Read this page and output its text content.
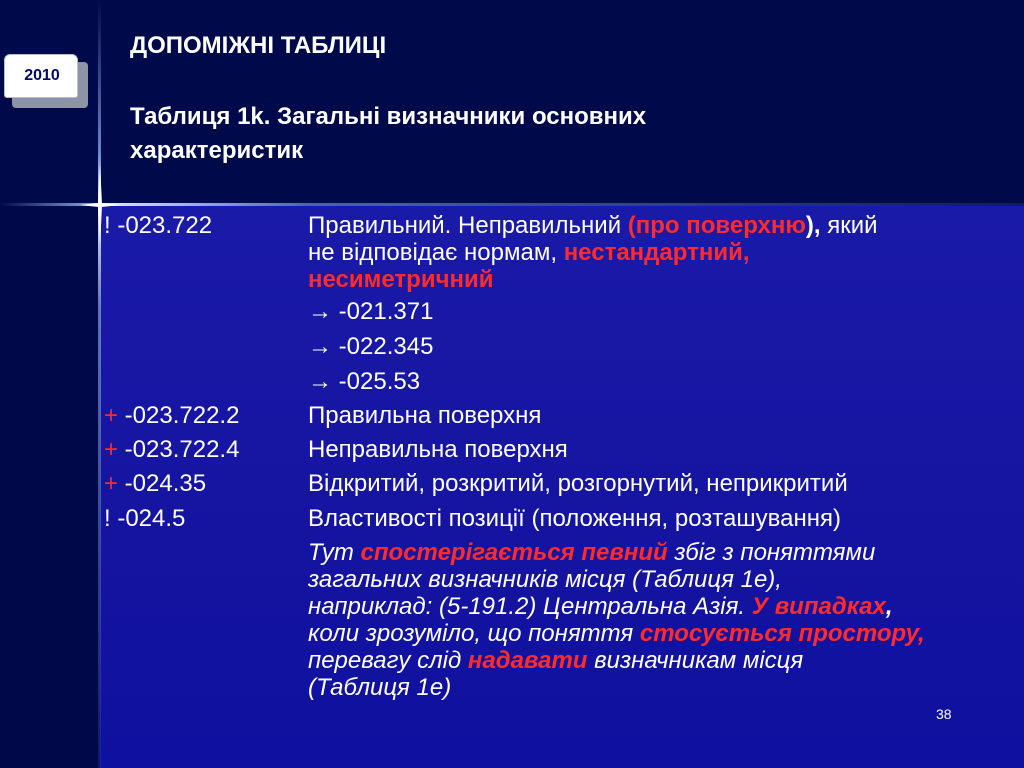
2010
ДОПОМІЖНІ ТАБЛИЦІ
Таблиця 1k. Загальні визначники основних
характеристик
! -023.722	Правильний. Неправильний (про поверхню), який
не відповідає нормам, нестандартний,
несиметричний
→ -021.371
→ -022.345
→ -025.53
+ -023.722.2	Правильна поверхня
+ -023.722.4	Неправильна поверхня
+ -024.35	Відкритий, розкритий, розгорнутий, неприкритий
! -024.5	Властивості позиції (положення, розташування)
Тут спостерігається певний збіг з поняттями
загальних визначників місця (Таблиця 1е),
наприклад: (5-191.2) Центральна Азія. У випадках,
коли зрозуміло, що поняття стосується простору,
перевагу слід надавати визначникам місця
(Таблиця 1е)
38
